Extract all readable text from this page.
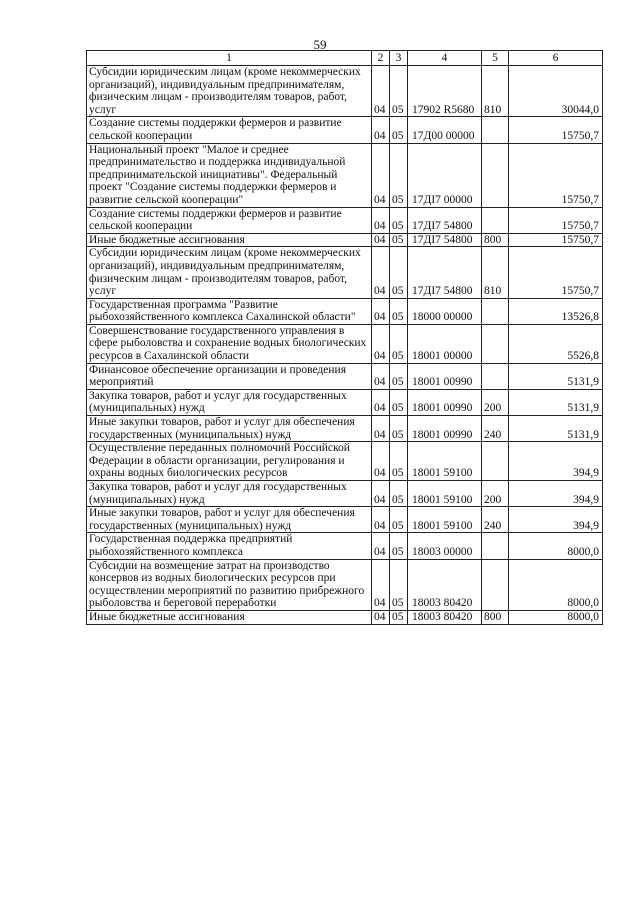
59
1	2	3	4	5	6
Субсидии юридическим лицам (кроме некоммерческих организаций), индивидуальным предпринимателям, физическим лицам - производителям товаров, работ, услуг	04	05	17902 R5680	810	30044,0
Создание системы поддержки фермеров и развитие сельской кооперации	04	05	17Д00 00000		15750,7
Национальный проект "Малое и среднее предпринимательство и поддержка индивидуальной предпринимательской инициативы". Федеральный проект "Создание системы поддержки фермеров и развитие сельской кооперации"	04	05	17ДI7 00000		15750,7
Создание системы поддержки фермеров и развитие сельской кооперации	04	05	17ДI7 54800		15750,7
Иные бюджетные ассигнования	04	05	17ДI7 54800	800	15750,7
Субсидии юридическим лицам (кроме некоммерческих организаций), индивидуальным предпринимателям, физическим лицам - производителям товаров, работ, услуг	04	05	17ДI7 54800	810	15750,7
Государственная программа "Развитие рыбохозяйственного комплекса Сахалинской области"	04	05	18000 00000		13526,8
Совершенствование государственного управления в сфере рыболовства и сохранение водных биологических ресурсов в Сахалинской области	04	05	18001 00000		5526,8
Финансовое обеспечение организации и проведения мероприятий	04	05	18001 00990		5131,9
Закупка товаров, работ и услуг для государственных (муниципальных) нужд	04	05	18001 00990	200	5131,9
Иные закупки товаров, работ и услуг для обеспечения государственных (муниципальных) нужд	04	05	18001 00990	240	5131,9
Осуществление переданных полномочий Российской Федерации в области организации, регулирования и охраны водных биологических ресурсов	04	05	18001 59100		394,9
Закупка товаров, работ и услуг для государственных (муниципальных) нужд	04	05	18001 59100	200	394,9
Иные закупки товаров, работ и услуг для обеспечения государственных (муниципальных) нужд	04	05	18001 59100	240	394,9
Государственная поддержка предприятий рыбохозяйственного комплекса	04	05	18003 00000		8000,0
Субсидии на возмещение затрат на производство консервов из водных биологических ресурсов при осуществлении мероприятий по развитию прибрежного рыболовства и береговой переработки	04	05	18003 80420		8000,0
Иные бюджетные ассигнования	04	05	18003 80420	800	8000,0
